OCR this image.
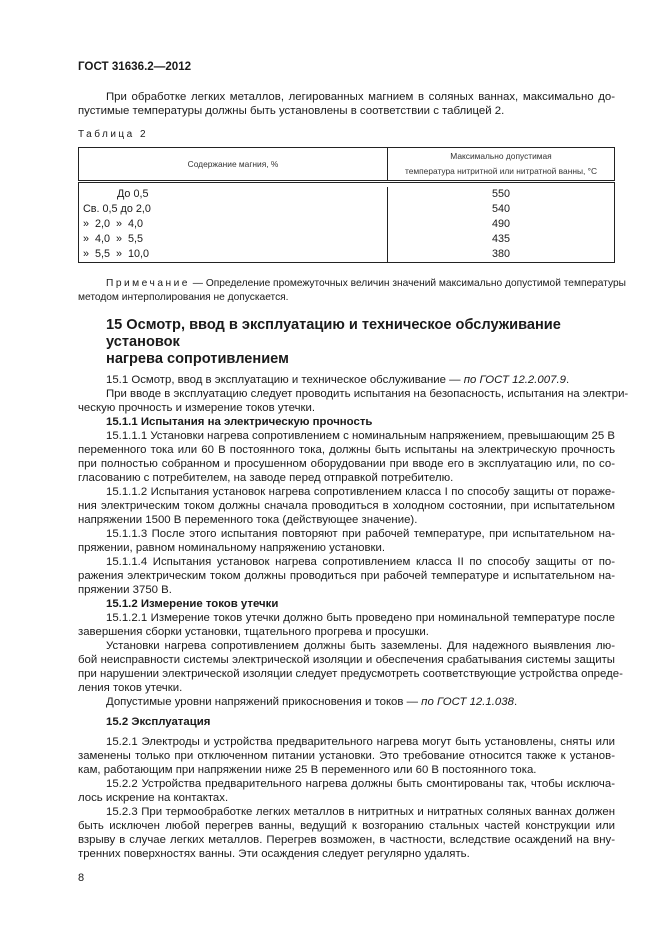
ГОСТ 31636.2—2012
При обработке легких металлов, легированных магнием в соляных ваннах, максимально до-
пустимые температуры должны быть установлены в соответствии с таблицей 2.
Таблица 2
Содержание магния, %	Максимально допустимая
температура нитритной или нитратной ванны, °С

До 0,5	550
Св. 0,5 до 2,0	540
»  2,0  »  4,0	490
»  4,0  »  5,5	435
»  5,5  »  10,0	380
Примечание — Определение промежуточных величин значений максимально допустимой температуры
методом интерполирования не допускается.
15 Осмотр, ввод в эксплуатацию и техническое обслуживание установок
нагрева сопротивлением
15.1 Осмотр, ввод в эксплуатацию и техническое обслуживание — по ГОСТ 12.2.007.9.
При вводе в эксплуатацию следует проводить испытания на безопасность, испытания на электри-
ческую прочность и измерение токов утечки.
15.1.1 Испытания на электрическую прочность
15.1.1.1 Установки нагрева сопротивлением с номинальным напряжением, превышающим 25 В
переменного тока или 60 В постоянного тока, должны быть испытаны на электрическую прочность
при полностью собранном и просушенном оборудовании при вводе его в эксплуатацию или, по со-
гласованию с потребителем, на заводе перед отправкой потребителю.
15.1.1.2 Испытания установок нагрева сопротивлением класса I по способу защиты от пораже-
ния электрическим током должны сначала проводиться в холодном состоянии, при испытательном
напряжении 1500 В переменного тока (действующее значение).
15.1.1.3 После этого испытания повторяют при рабочей температуре, при испытательном на-
пряжении, равном номинальному напряжению установки.
15.1.1.4 Испытания установок нагрева сопротивлением класса II по способу защиты от по-
ражения электрическим током должны проводиться при рабочей температуре и испытательном на-
пряжении 3750 В.
15.1.2 Измерение токов утечки
15.1.2.1 Измерение токов утечки должно быть проведено при номинальной температуре после
завершения сборки установки, тщательного прогрева и просушки.
Установки нагрева сопротивлением должны быть заземлены. Для надежного выявления лю-
бой неисправности системы электрической изоляции и обеспечения срабатывания системы защиты
при нарушении электрической изоляции следует предусмотреть соответствующие устройства опреде-
ления токов утечки.
Допустимые уровни напряжений прикосновения и токов — по ГОСТ 12.1.038.
15.2 Эксплуатация
15.2.1 Электроды и устройства предварительного нагрева могут быть установлены, сняты или
заменены только при отключенном питании установки. Это требование относится также к установ-
кам, работающим при напряжении ниже 25 В переменного или 60 В постоянного тока.
15.2.2 Устройства предварительного нагрева должны быть смонтированы так, чтобы исключа-
лось искрение на контактах.
15.2.3 При термообработке легких металлов в нитритных и нитратных соляных ваннах должен
быть исключен любой перегрев ванны, ведущий к возгоранию стальных частей конструкции или
взрыву в случае легких металлов. Перегрев возможен, в частности, вследствие осаждений на вну-
тренних поверхностях ванны. Эти осаждения следует регулярно удалять.
8
